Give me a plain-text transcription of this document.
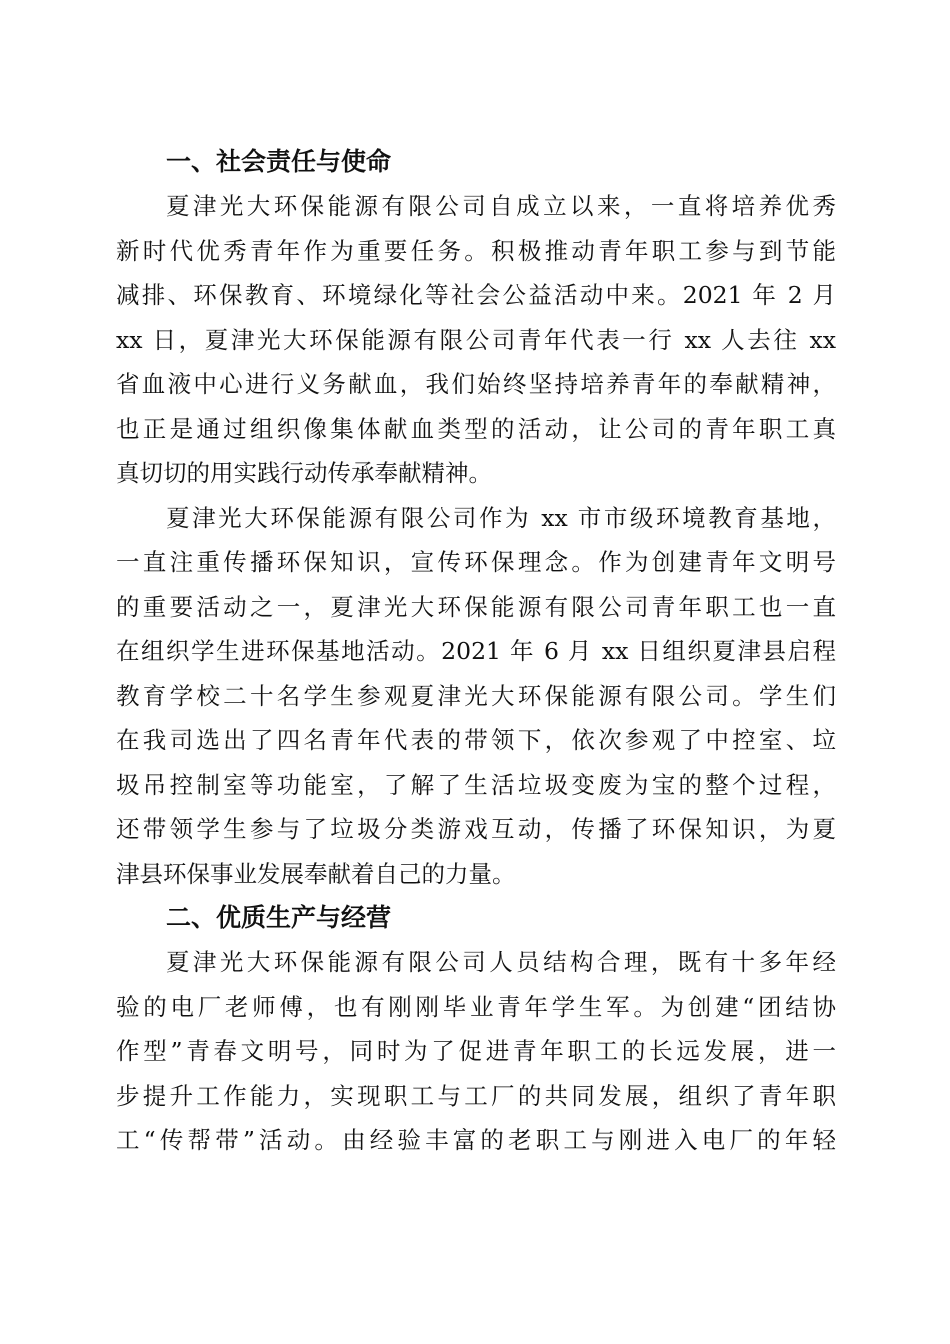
一、社会责任与使命
夏津光大环保能源有限公司自成立以来，一直将培养优秀
新时代优秀青年作为重要任务。积极推动青年职工参与到节能
减排、环保教育、环境绿化等社会公益活动中来。2021 年 2 月
xx 日，夏津光大环保能源有限公司青年代表一行 xx 人去往 xx
省血液中心进行义务献血，我们始终坚持培养青年的奉献精神，
也正是通过组织像集体献血类型的活动，让公司的青年职工真
真切切的用实践行动传承奉献精神。
夏津光大环保能源有限公司作为 xx 市市级环境教育基地，
一直注重传播环保知识，宣传环保理念。作为创建青年文明号
的重要活动之一，夏津光大环保能源有限公司青年职工也一直
在组织学生进环保基地活动。2021 年 6 月 xx 日组织夏津县启程
教育学校二十名学生参观夏津光大环保能源有限公司。学生们
在我司选出了四名青年代表的带领下，依次参观了中控室、垃
圾吊控制室等功能室，了解了生活垃圾变废为宝的整个过程，
还带领学生参与了垃圾分类游戏互动，传播了环保知识，为夏
津县环保事业发展奉献着自己的力量。
二、优质生产与经营
夏津光大环保能源有限公司人员结构合理，既有十多年经
验的电厂老师傅，也有刚刚毕业青年学生军。为创建“团结协
作型”青春文明号，同时为了促进青年职工的长远发展，进一
步提升工作能力，实现职工与工厂的共同发展，组织了青年职
工“传帮带”活动。由经验丰富的老职工与刚进入电厂的年轻
